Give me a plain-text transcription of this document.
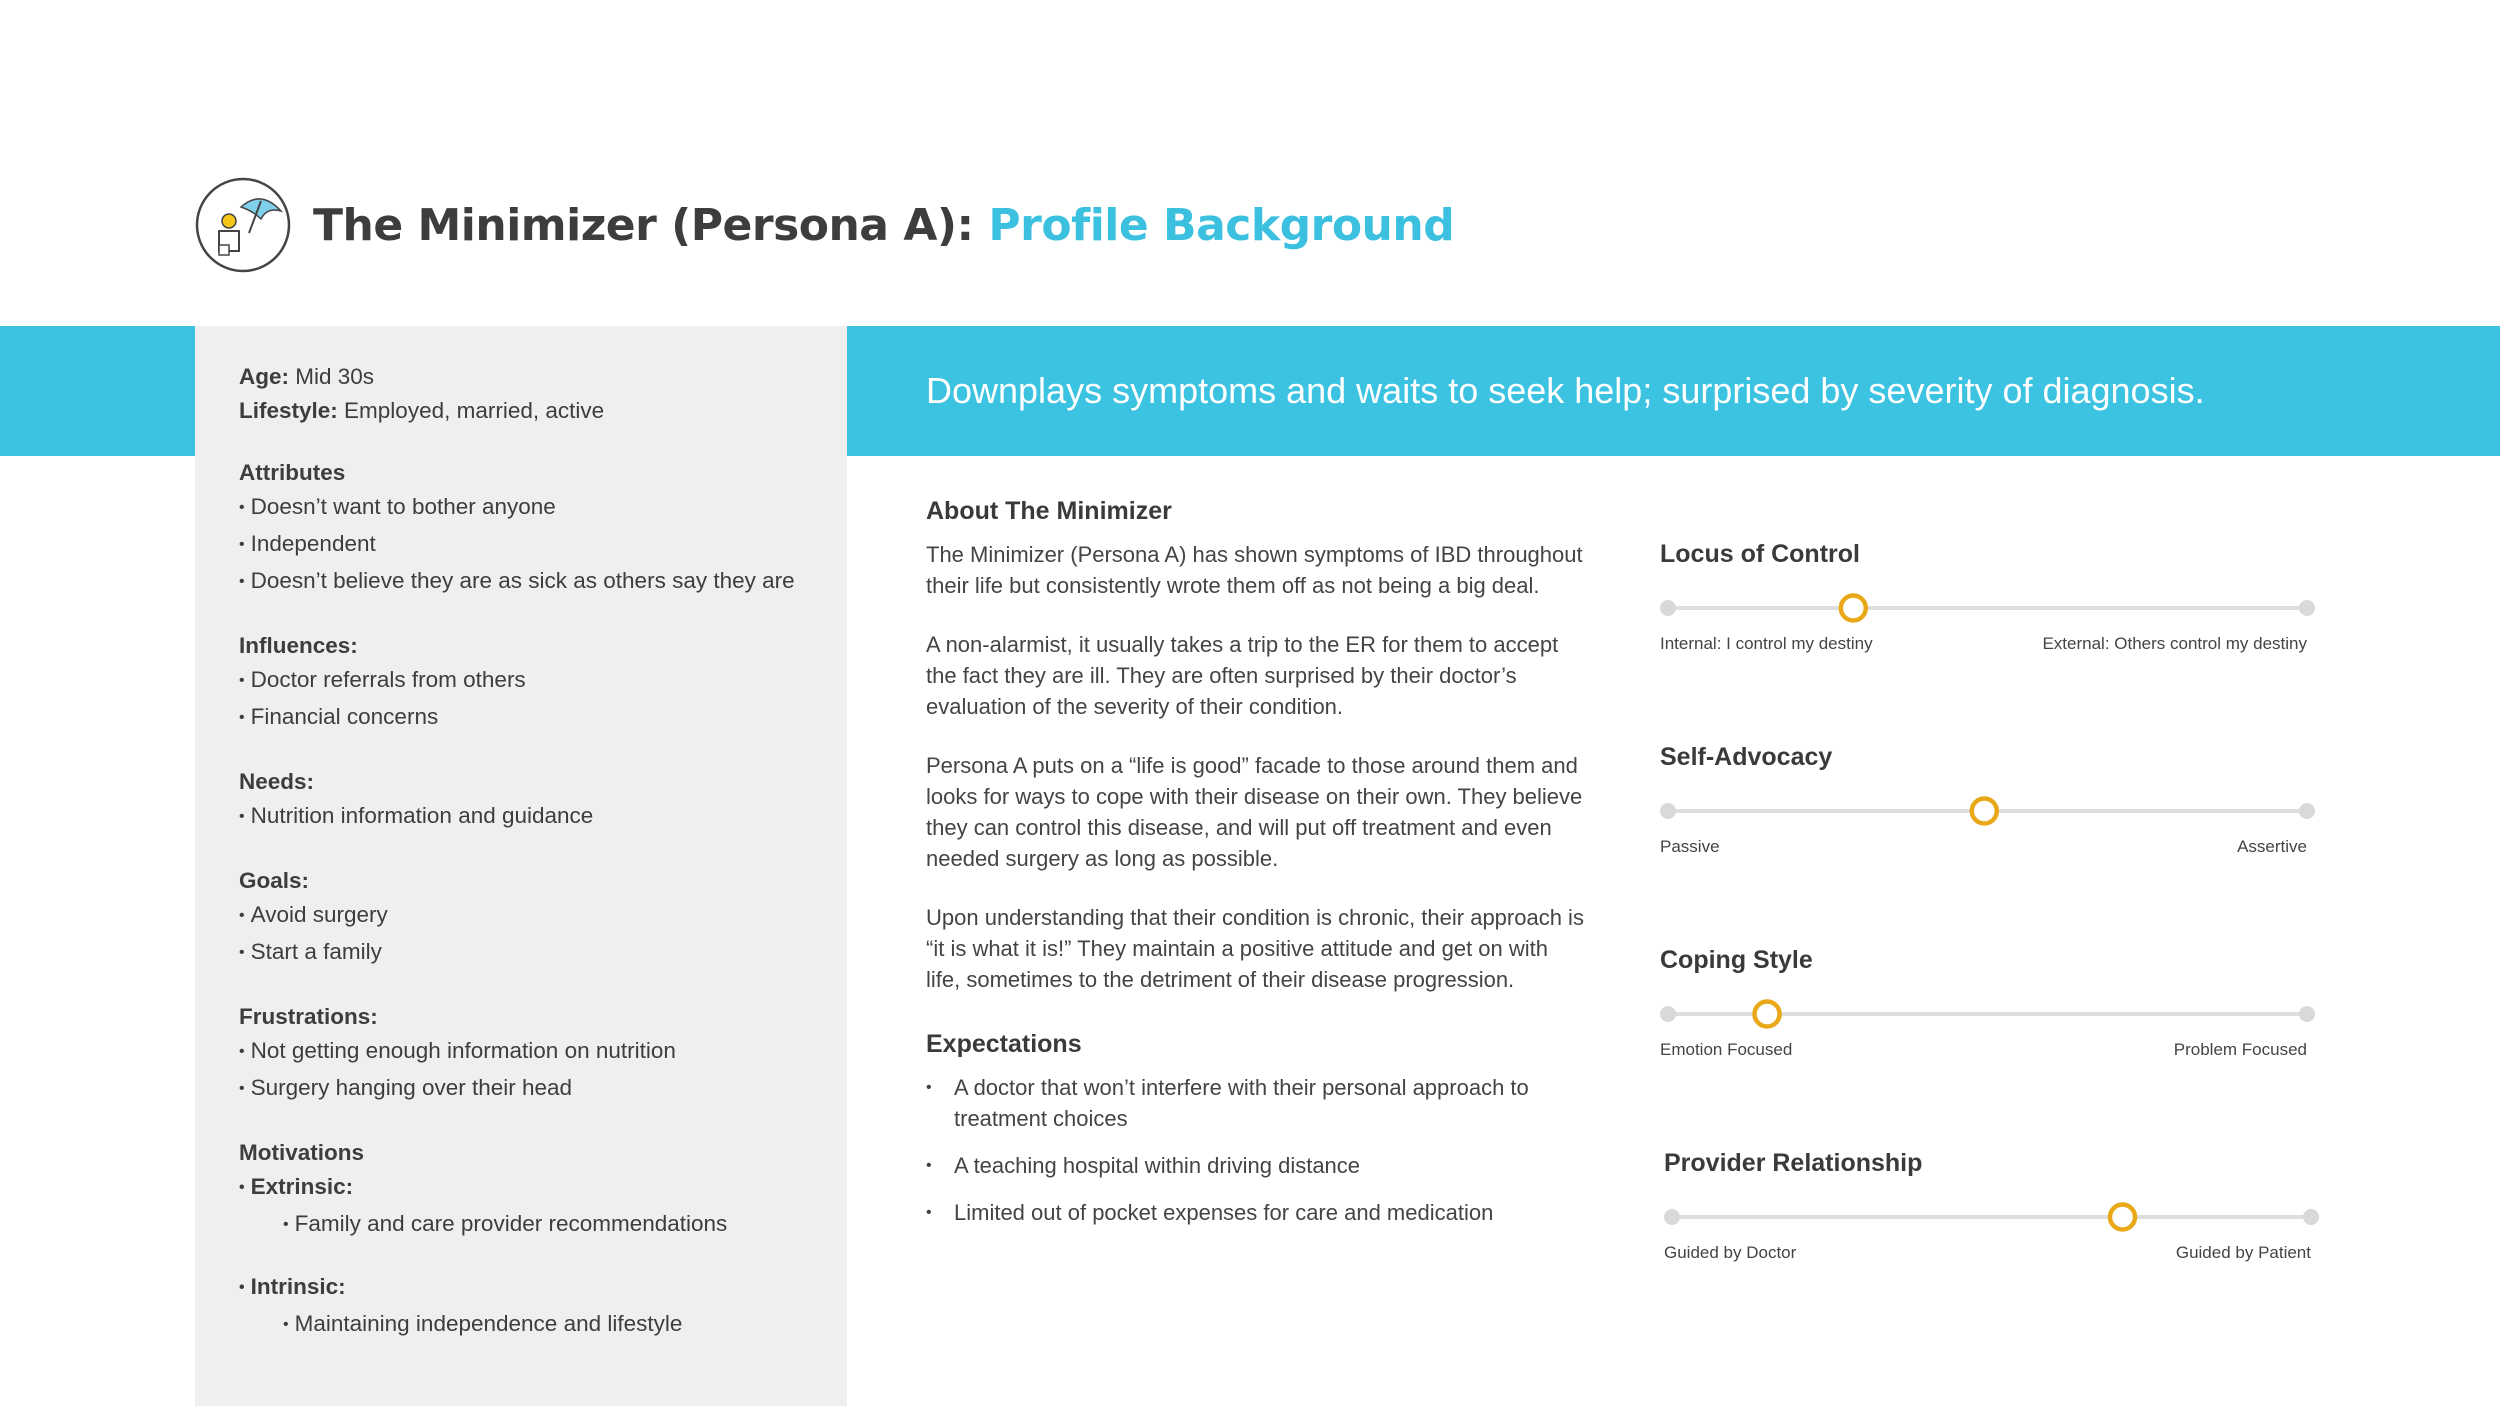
The Minimizer (Persona A): Profile Background
Downplays symptoms and waits to seek help; surprised by severity of diagnosis.
Age: Mid 30s
Lifestyle: Employed, married, active
Attributes
• Doesn’t want to bother anyone
• Independent
• Doesn’t believe they are as sick as others say they are
Influences:
• Doctor referrals from others
• Financial concerns
Needs:
• Nutrition information and guidance
Goals:
• Avoid surgery
• Start a family
Frustrations:
• Not getting enough information on nutrition
• Surgery hanging over their head
Motivations
• Extrinsic:
• Family and care provider recommendations
• Intrinsic:
• Maintaining independence and lifestyle
About The Minimizer

The Minimizer (Persona A) has shown symptoms of IBD throughout their life but consistently wrote them off as not being a big deal.

A non-alarmist, it usually takes a trip to the ER for them to accept the fact they are ill. They are often surprised by their doctor’s evaluation of the severity of their condition.

Persona A puts on a “life is good” facade to those around them and looks for ways to cope with their disease on their own. They believe they can control this disease, and will put off treatment and even needed surgery as long as possible.

Upon understanding that their condition is chronic, their approach is “it is what it is!” They maintain a positive attitude and get on with life, sometimes to the detriment of their disease progression.

Expectations
• A doctor that won’t interfere with their personal approach to treatment choices
• A teaching hospital within driving distance
• Limited out of pocket expenses for care and medication
Locus of Control
Internal: I control my destiny	External: Others control my destiny
Self-Advocacy
Passive	Assertive
Coping Style
Emotion Focused	Problem Focused
Provider Relationship
Guided by Doctor	Guided by Patient
